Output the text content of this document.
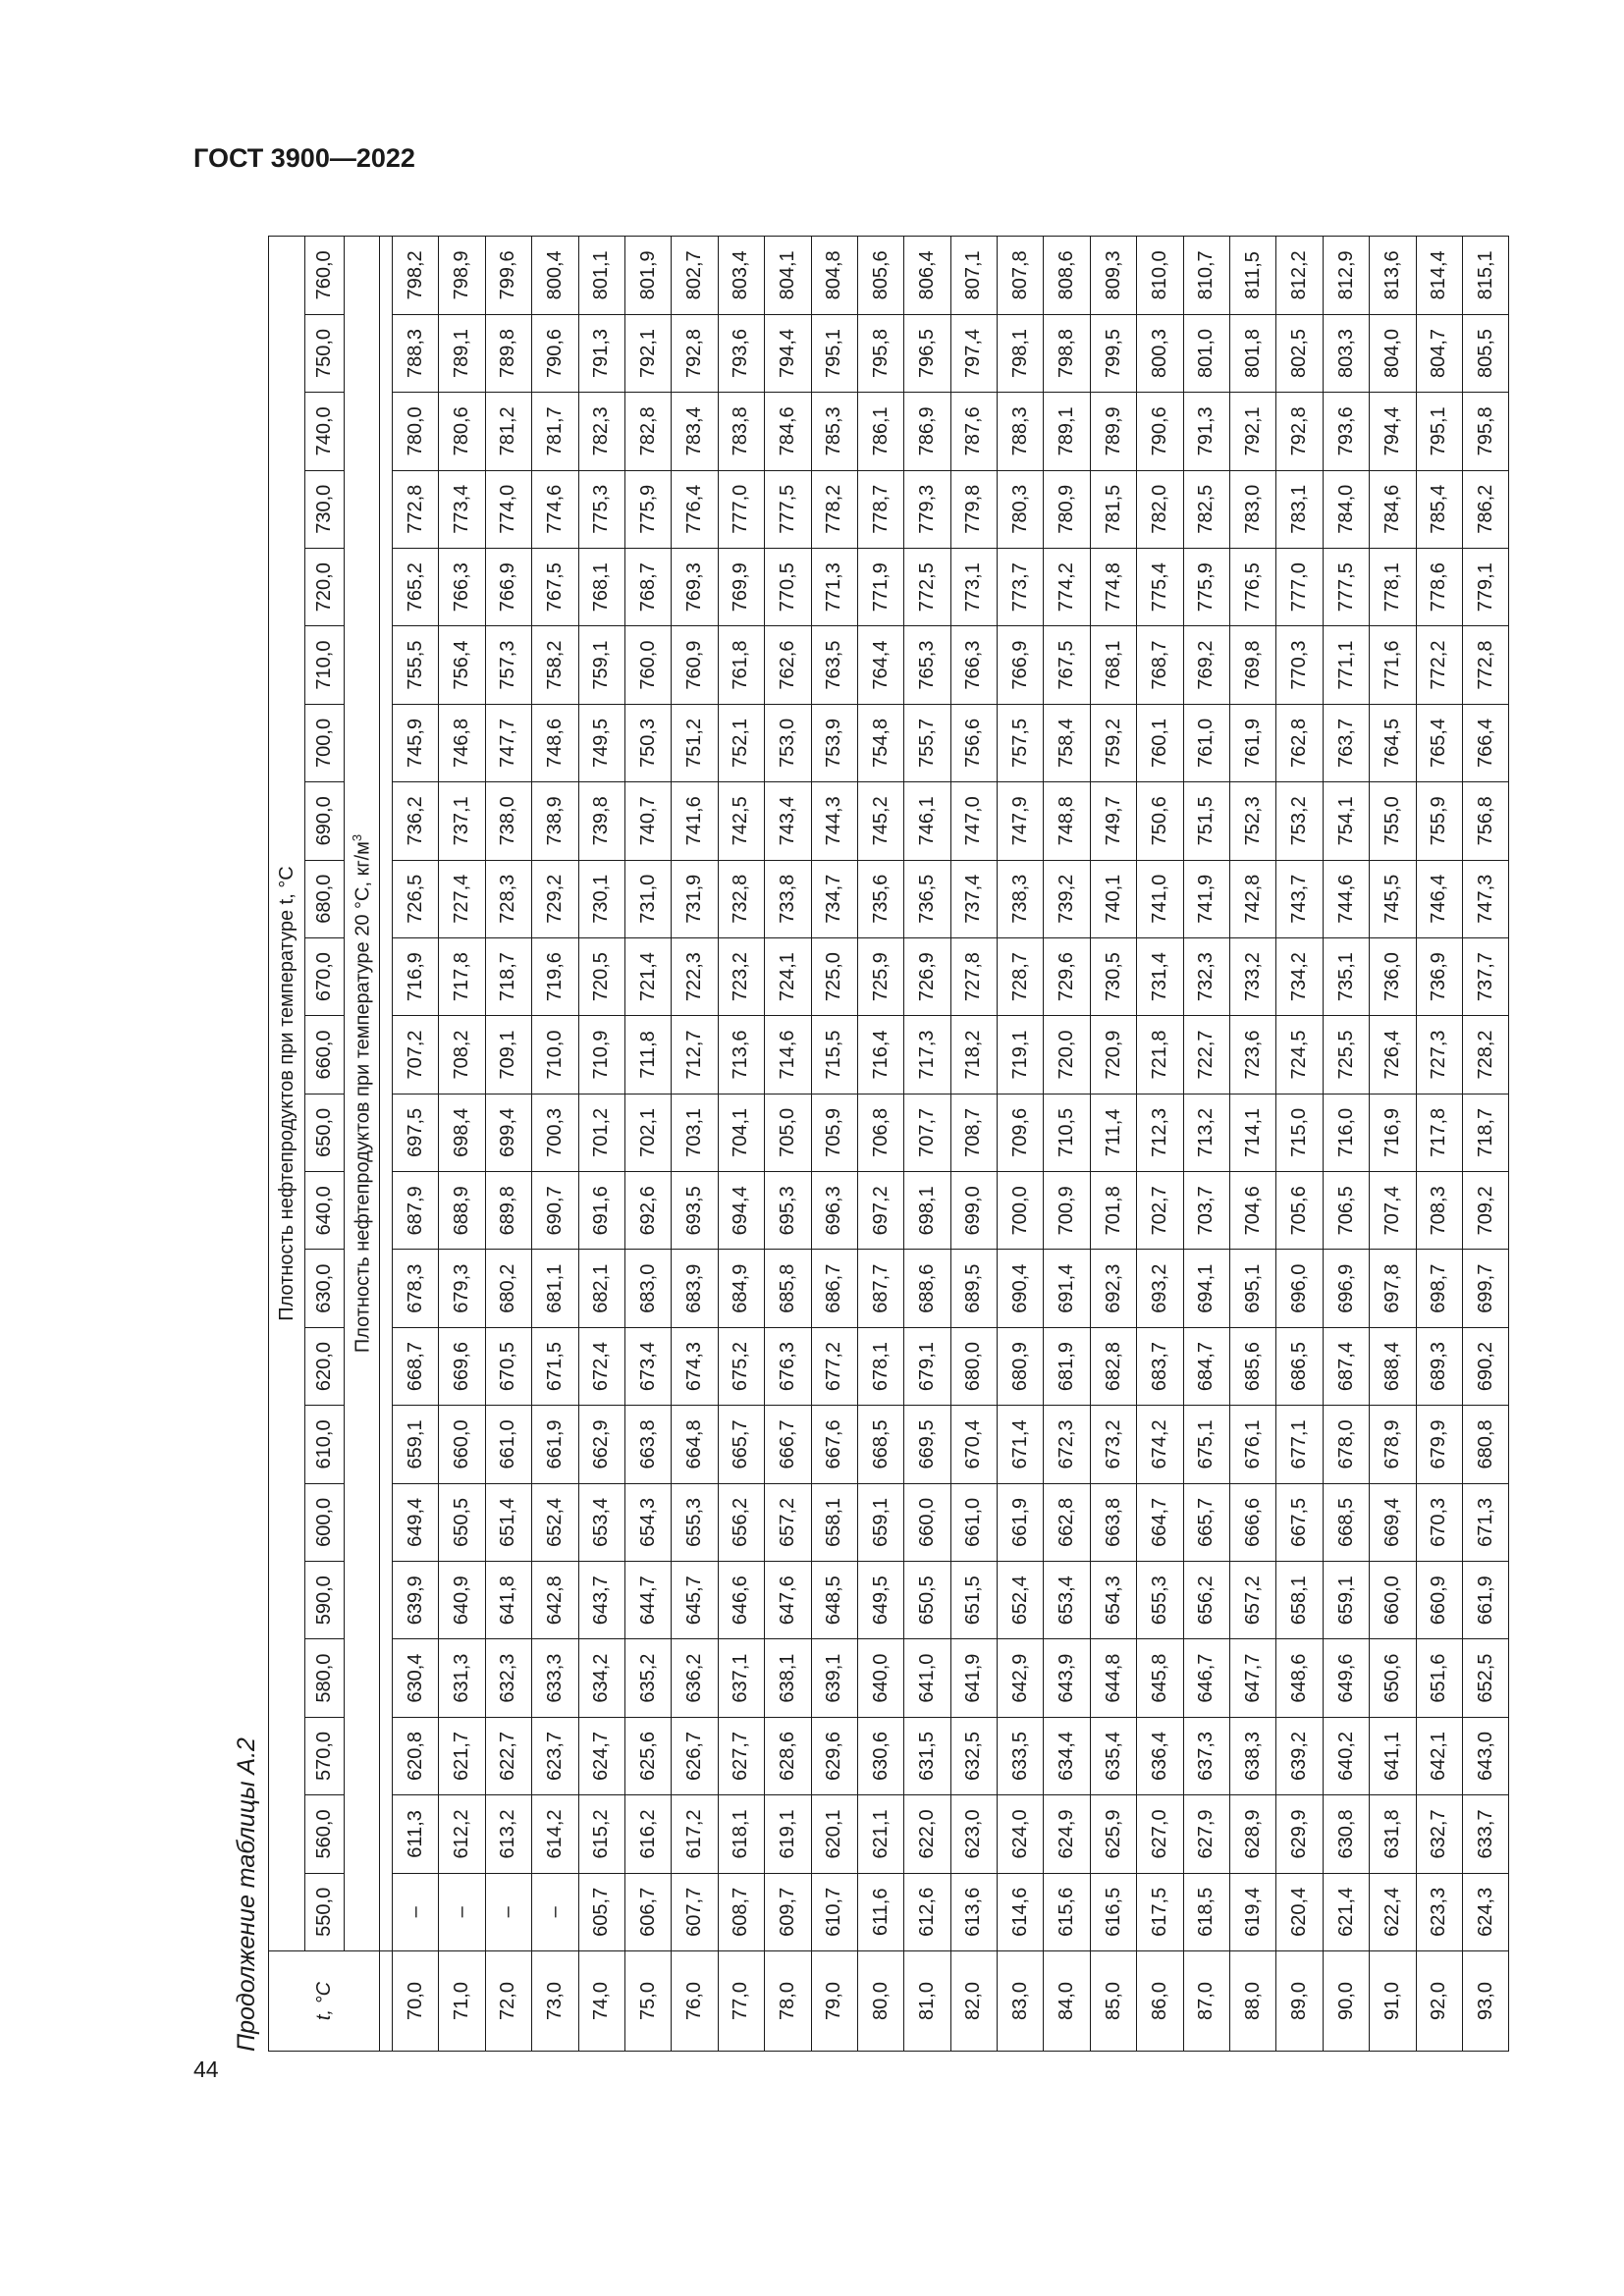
ГОСТ 3900—2022
44
Продолжение таблицы А.2	t, °C	Плотность нефтепродуктов при температуре t, °C																					
	550,0	560,0	570,0	580,0	590,0	600,0	610,0	620,0	630,0	640,0	650,0	660,0	670,0	680,0	690,0	700,0	710,0	720,0	730,0	740,0	750,0	760,0
	Плотность нефтепродуктов при температуре 20 °С, $кг/м^3$

70,0	–	611,3	620,8	630,4	639,9	649,4	659,1	668,7	678,3	687,9	697,5	707,2	716,9	726,5	736,2	745,9	755,5	765,2	772,8	780,0	788,3	798,2
71,0	–	612,2	621,7	631,3	640,9	650,5	660,0	669,6	679,3	688,9	698,4	708,2	717,8	727,4	737,1	746,8	756,4	766,3	773,4	780,6	789,1	798,9
72,0	–	613,2	622,7	632,3	641,8	651,4	661,0	670,5	680,2	689,8	699,4	709,1	718,7	728,3	738,0	747,7	757,3	766,9	774,0	781,2	789,8	799,6
73,0	–	614,2	623,7	633,3	642,8	652,4	661,9	671,5	681,1	690,7	700,3	710,0	719,6	729,2	738,9	748,6	758,2	767,5	774,6	781,7	790,6	800,4
74,0	605,7	615,2	624,7	634,2	643,7	653,4	662,9	672,4	682,1	691,6	701,2	710,9	720,5	730,1	739,8	749,5	759,1	768,1	775,3	782,3	791,3	801,1
75,0	606,7	616,2	625,6	635,2	644,7	654,3	663,8	673,4	683,0	692,6	702,1	711,8	721,4	731,0	740,7	750,3	760,0	768,7	775,9	782,8	792,1	801,9
76,0	607,7	617,2	626,7	636,2	645,7	655,3	664,8	674,3	683,9	693,5	703,1	712,7	722,3	731,9	741,6	751,2	760,9	769,3	776,4	783,4	792,8	802,7
77,0	608,7	618,1	627,7	637,1	646,6	656,2	665,7	675,2	684,9	694,4	704,1	713,6	723,2	732,8	742,5	752,1	761,8	769,9	777,0	783,8	793,6	803,4
78,0	609,7	619,1	628,6	638,1	647,6	657,2	666,7	676,3	685,8	695,3	705,0	714,6	724,1	733,8	743,4	753,0	762,6	770,5	777,5	784,6	794,4	804,1
79,0	610,7	620,1	629,6	639,1	648,5	658,1	667,6	677,2	686,7	696,3	705,9	715,5	725,0	734,7	744,3	753,9	763,5	771,3	778,2	785,3	795,1	804,8
80,0	611,6	621,1	630,6	640,0	649,5	659,1	668,5	678,1	687,7	697,2	706,8	716,4	725,9	735,6	745,2	754,8	764,4	771,9	778,7	786,1	795,8	805,6
81,0	612,6	622,0	631,5	641,0	650,5	660,0	669,5	679,1	688,6	698,1	707,7	717,3	726,9	736,5	746,1	755,7	765,3	772,5	779,3	786,9	796,5	806,4
82,0	613,6	623,0	632,5	641,9	651,5	661,0	670,4	680,0	689,5	699,0	708,7	718,2	727,8	737,4	747,0	756,6	766,3	773,1	779,8	787,6	797,4	807,1
83,0	614,6	624,0	633,5	642,9	652,4	661,9	671,4	680,9	690,4	700,0	709,6	719,1	728,7	738,3	747,9	757,5	766,9	773,7	780,3	788,3	798,1	807,8
84,0	615,6	624,9	634,4	643,9	653,4	662,8	672,3	681,9	691,4	700,9	710,5	720,0	729,6	739,2	748,8	758,4	767,5	774,2	780,9	789,1	798,8	808,6
85,0	616,5	625,9	635,4	644,8	654,3	663,8	673,2	682,8	692,3	701,8	711,4	720,9	730,5	740,1	749,7	759,2	768,1	774,8	781,5	789,9	799,5	809,3
86,0	617,5	627,0	636,4	645,8	655,3	664,7	674,2	683,7	693,2	702,7	712,3	721,8	731,4	741,0	750,6	760,1	768,7	775,4	782,0	790,6	800,3	810,0
87,0	618,5	627,9	637,3	646,7	656,2	665,7	675,1	684,7	694,1	703,7	713,2	722,7	732,3	741,9	751,5	761,0	769,2	775,9	782,5	791,3	801,0	810,7
88,0	619,4	628,9	638,3	647,7	657,2	666,6	676,1	685,6	695,1	704,6	714,1	723,6	733,2	742,8	752,3	761,9	769,8	776,5	783,0	792,1	801,8	811,5
89,0	620,4	629,9	639,2	648,6	658,1	667,5	677,1	686,5	696,0	705,6	715,0	724,5	734,2	743,7	753,2	762,8	770,3	777,0	783,1	792,8	802,5	812,2
90,0	621,4	630,8	640,2	649,6	659,1	668,5	678,0	687,4	696,9	706,5	716,0	725,5	735,1	744,6	754,1	763,7	771,1	777,5	784,0	793,6	803,3	812,9
91,0	622,4	631,8	641,1	650,6	660,0	669,4	678,9	688,4	697,8	707,4	716,9	726,4	736,0	745,5	755,0	764,5	771,6	778,1	784,6	794,4	804,0	813,6
92,0	623,3	632,7	642,1	651,6	660,9	670,3	679,9	689,3	698,7	708,3	717,8	727,3	736,9	746,4	755,9	765,4	772,2	778,6	785,4	795,1	804,7	814,4
93,0	624,3	633,7	643,0	652,5	661,9	671,3	680,8	690,2	699,7	709,2	718,7	728,2	737,7	747,3	756,8	766,4	772,8	779,1	786,2	795,8	805,5	815,1
